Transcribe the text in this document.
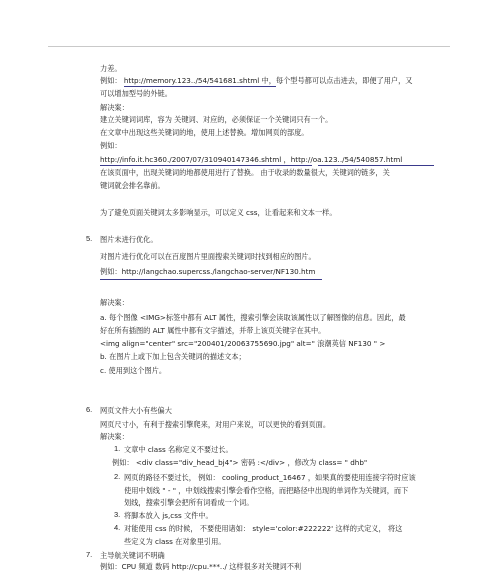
力差。
例如： http://memory.123../54/541681.shtml 中，每个型号都可以点击进去，即便了用户，又
可以增加型号的外链。
解决案：
建立关键词词库，容为 关键词、对应的，必须保证一个关键词只有一个。
在文章中出现这些关键词的地，使用上述替换。增加网页的部度。
例如：
http://info.it.hc360./2007/07/310940147346.shtml ，http://oa.123../54/540857.html
在该页面中，出现关键词的地都使用进行了替换。 由于收录的数量很大，关键词的链多，关
键词就会排名靠前。
为了避免页面关键词太多影响显示，可以定义 css，让看起来和文本一样。
5. 图片未进行优化。
对图片进行优化可以在百度图片里面搜索关键词时找到相应的图片。
例如：http://langchao.supercss./langchao-server/NF130.htm
解决案：
a. 每个图像 <IMG>标签中都有 ALT 属性，搜索引擎会读取该属性以了解图像的信息。因此，最
好在所有插图的 ALT 属性中都有文字描述，并带上该页关键字在其中。
<img align="center" src="200401/20063755690.jpg" alt=" 浪潮英信 NF130 " >
b. 在图片上或下加上包含关键词的描述文本；
c. 使用到这个图片。
6. 网页文件大小有些偏大
网页尺寸小，有利于搜索引擎爬来，对用户来说，可以更快的看到页面。
解决案：
1. 文章中 class 名称定义不要过长。
例如： <div class="div_head_bj4"> 密码 :</div> ，修改为 class= " dhb"
2. 网页的路径不要过长， 例如： cooling_product_16467 ，如果真的要使用连接字符时应该
使用中划线 " - " ，中划线搜索引擎会看作空格，而把路径中出现的单词作为关键词，而下
划线，搜索引擎会把所有词看成一个词。
3. 将脚本放入 js,css 文件中。
4. 对能使用 css 的时候， 不要使用诸如： style='color:#222222' 这样的式定义， 将这
些定义为 class 在对象里引用。
7. 主导航关键词不明确
例如：CPU 频道 数码 http://cpu.***../ 这样很多对关键词不利
